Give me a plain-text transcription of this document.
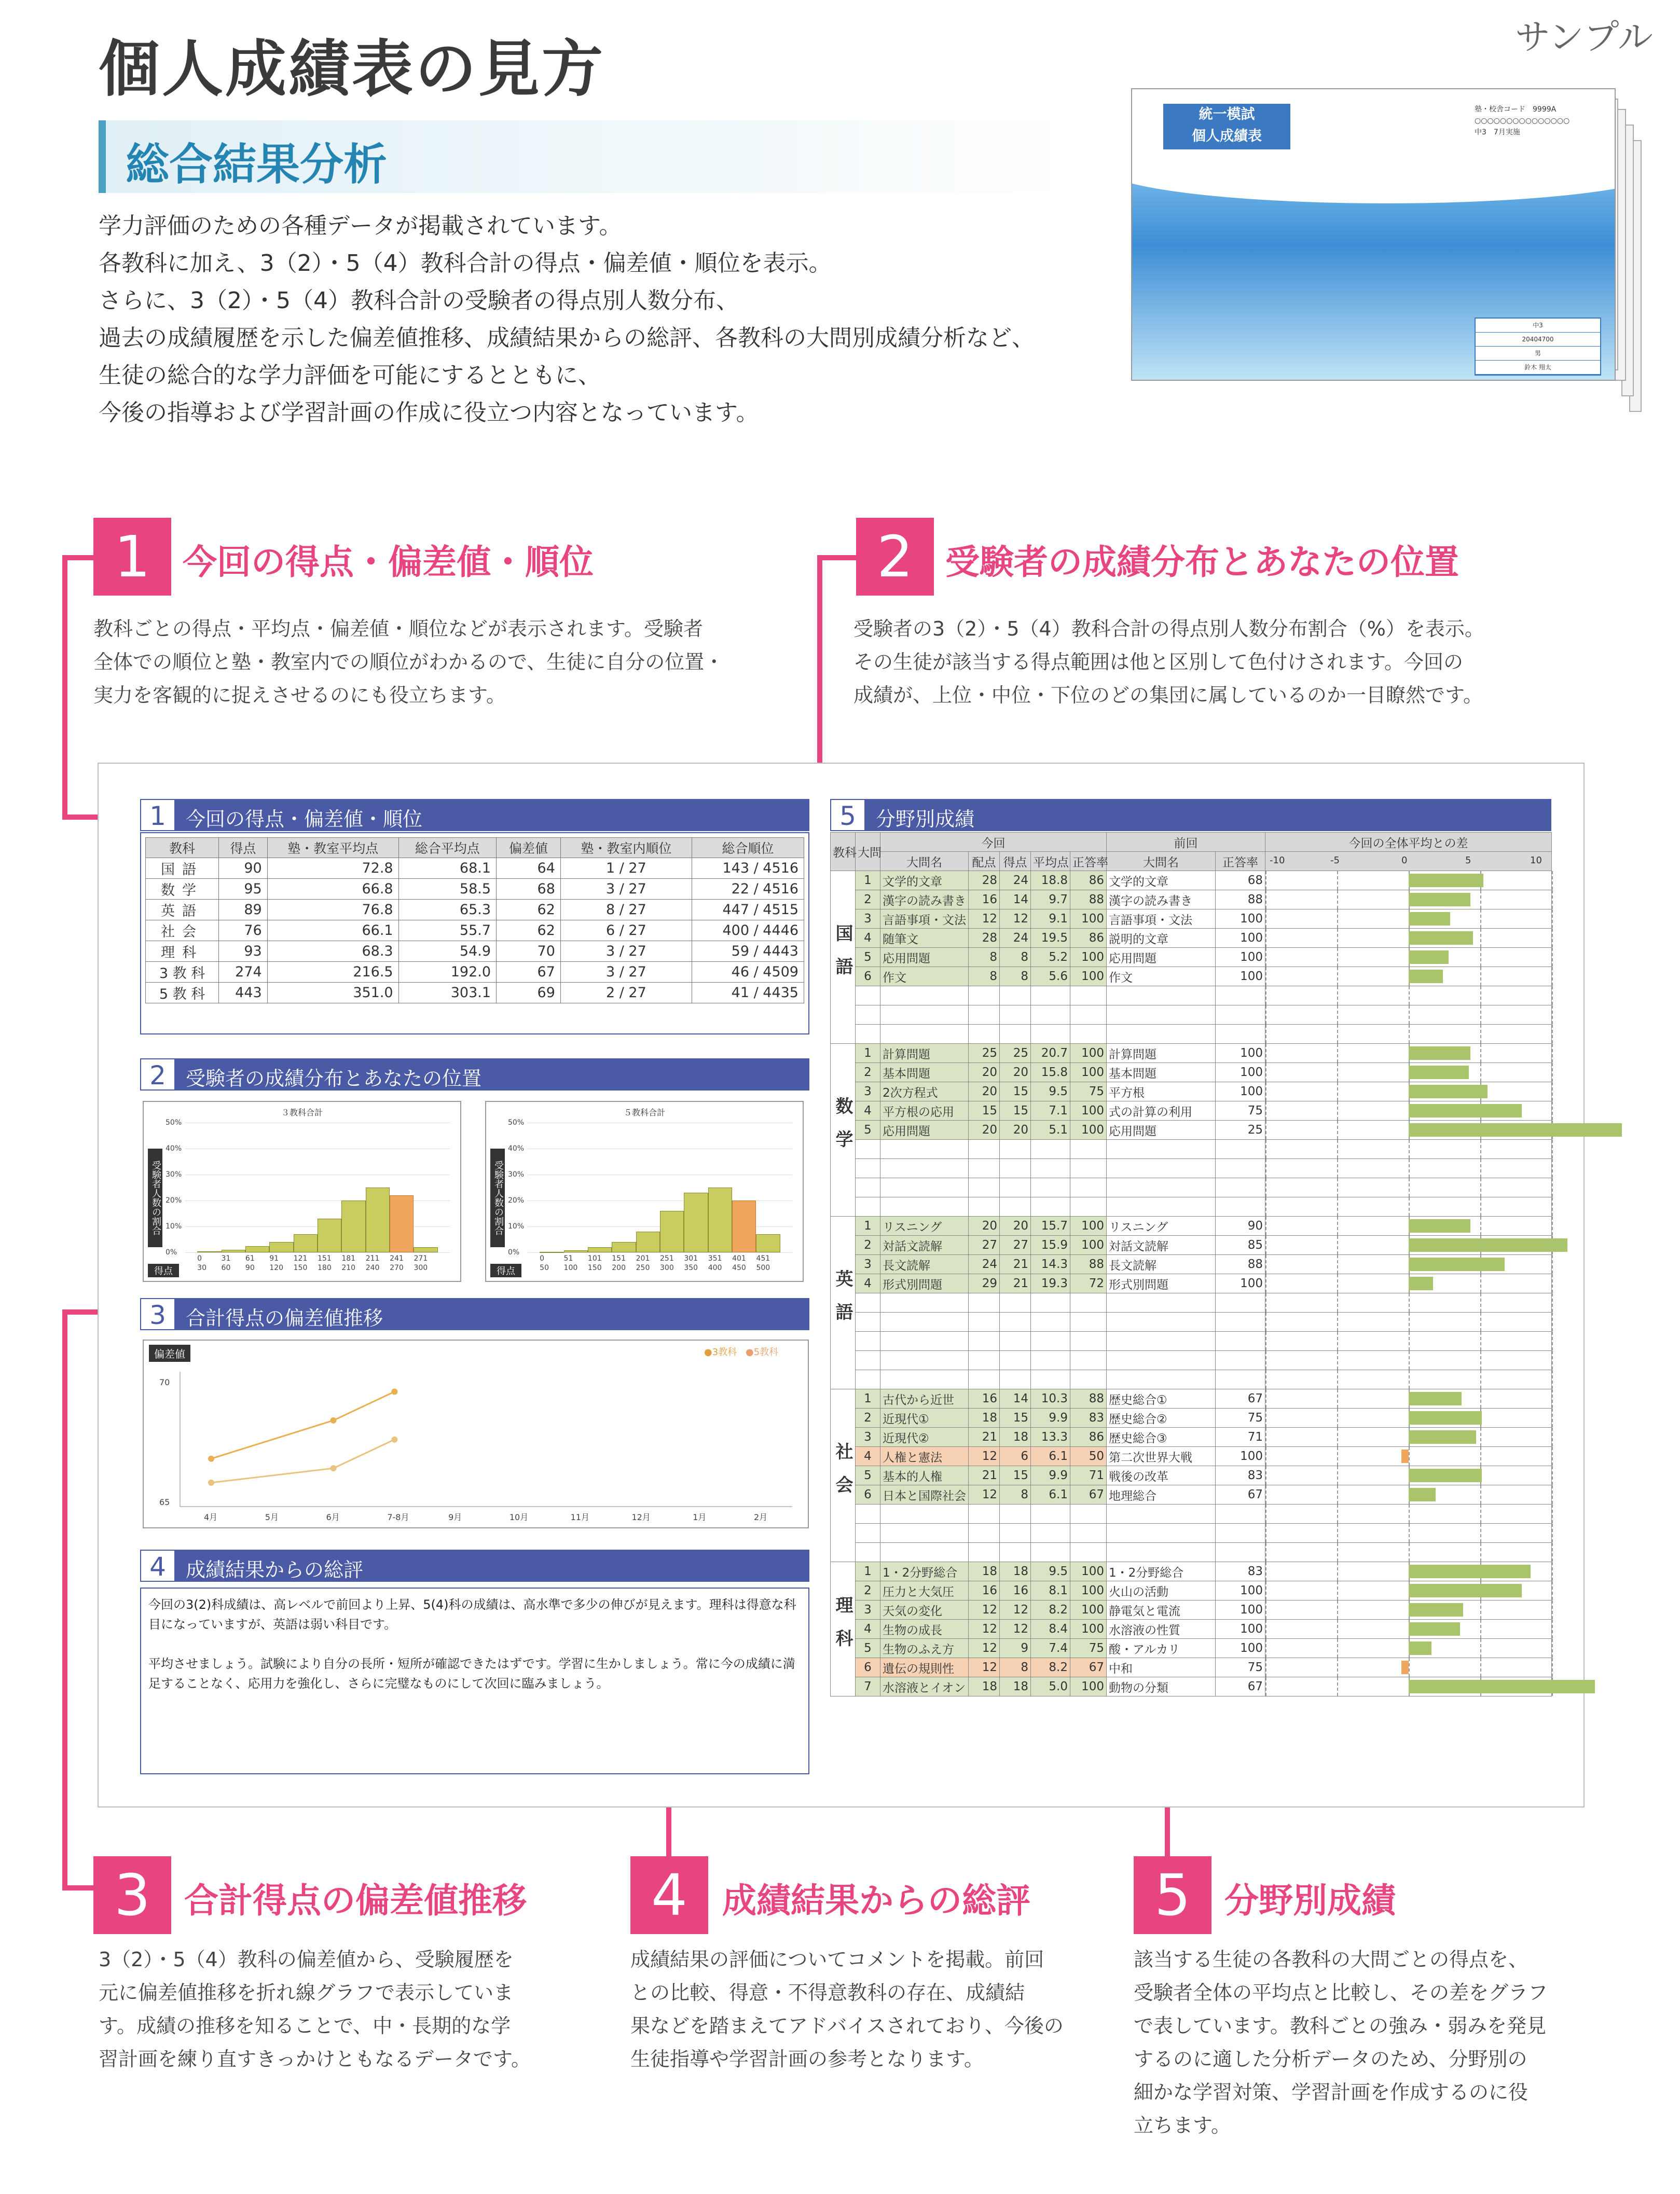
個人成績表の見方	サンプル
総合結果分析
学力評価のための各種データが掲載されています。
各教科に加え、3（2）・5（4）教科合計の得点・偏差値・順位を表示。
さらに、3（2）・5（4）教科合計の受験者の得点別人数分布、
過去の成績履歴を示した偏差値推移、成績結果からの総評、各教科の大問別成績分析など、
生徒の総合的な学力評価を可能にするとともに、
今後の指導および学習計画の作成に役立つ内容となっています。
統一模試
個人成績表
塾・校舎コード　9999A
○○○○○○○○○○○○○○○
中3　7月実施
中3
20404700
男
鈴木 翔太
1 今回の得点・偏差値・順位
教科ごとの得点・平均点・偏差値・順位などが表示されます。受験者
全体での順位と塾・教室内での順位がわかるので、生徒に自分の位置・
実力を客観的に捉えさせるのにも役立ちます。
2 受験者の成績分布とあなたの位置
受験者の3（2）・5（4）教科合計の得点別人数分布割合（%）を表示。
その生徒が該当する得点範囲は他と区別して色付けされます。今回の
成績が、上位・中位・下位のどの集団に属しているのか一目瞭然です。
3 合計得点の偏差値推移
3（2）・5（4）教科の偏差値から、受験履歴を
元に偏差値推移を折れ線グラフで表示していま
す。成績の推移を知ることで、中・長期的な学
習計画を練り直すきっかけともなるデータです。
4	成績結果からの総評
成績結果の評価についてコメントを掲載。前回
との比較、得意・不得意教科の存在、成績結
果などを踏まえてアドバイスされており、今後の
生徒指導や学習計画の参考となります。
5 分野別成績
該当する生徒の各教科の大問ごとの得点を、
受験者全体の平均点と比較し、その差をグラフ
で表しています。教科ごとの強み・弱みを発見
するのに適した分析データのため、分野別の
細かな学習対策、学習計画を作成するのに役
立ちます。
1	今回の得点・偏差値・順位
教科	得点	塾・教室平均点	総合平均点	偏差値	塾・教室内順位	総合順位
国語	90	72.8	68.1	64	1 / 27	143 / 4516
数学	95	66.8	58.5	68	3 / 27	22 / 4516
英語	89	76.8	65.3	62	8 / 27	447 / 4515
社会	76	66.1	55.7	62	6 / 27	400 / 4446
理科	93	68.3	54.9	70	3 / 27	59 / 4443
3 教 科	274	216.5	192.0	67	3 / 27	46 / 4509
5 教 科	443	351.0	303.1	69	2 / 27	41 / 4435
2	受験者の成績分布とあなたの位置
３教科合計
50%
40%
30%
20%
10%
0%
受験者人数の割合
得点
0
30
31
60
61
90
91
120
121
150
151
180
181
210
211
240
241
270
271
300
５教科合計
50%
40%
30%
20%
10%
0%
受験者人数の割合
得点
0
50
51
100
101
150
151
200
201
250
251
300
301
350
351
400
401
450
451
500
3	合計得点の偏差値推移
70
65
4月	5月	6月	7-8月	9月	10月	11月	12月	1月	2月
偏差値	●3教科 ●5教科
4	成績結果からの総評
今回の3(2)科成績は、高レベルで前回より上昇、5(4)科の成績は、高水準で多少の伸びが見えます。理科は得意な科目になっていますが、英語は弱い科目です。
平均させましょう。試験により自分の長所・短所が確認できたはずです。学習に生かしましょう。常に今の成績に満足することなく、応用力を強化し、さらに完璧なものにして次回に臨みましょう。
5	分野別成績
教科	大問	今回					前回		今回の全体平均との差
		大問名	配点	得点	平均点	正答率	大問名	正答率	-10 -5 0 5 10

国語	1	文学的文章	28	24	18.8	86	文学的文章	68	

	2	漢字の読み書き	16	14	9.7	88	漢字の読み書き	88	

	3	言語事項・文法	12	12	9.1	100	言語事項・文法	100	

	4	随筆文	28	24	19.5	86	説明的文章	100	

	5	応用問題	8	8	5.2	100	応用問題	100	

	6	作文	8	8	5.6	100	作文	100	

数学	1	計算問題	25	25	20.7	100	計算問題	100	

	2	基本問題	20	20	15.8	100	基本問題	100	

	3	2次方程式	20	15	9.5	75	平方根	100	

	4	平方根の応用	15	15	7.1	100	式の計算の利用	75	

	5	応用問題	20	20	5.1	100	応用問題	25	

英語	1	リスニング	20	20	15.7	100	リスニング	90	

	2	対話文読解	27	27	15.9	100	対話文読解	85	

	3	長文読解	24	21	14.3	88	長文読解	88	

	4	形式別問題	29	21	19.3	72	形式別問題	100	

社会	1	古代から近世	16	14	10.3	88	歴史総合①	67	

	2	近現代①	18	15	9.9	83	歴史総合②	75	

	3	近現代②	21	18	13.3	86	歴史総合③	71	

	4	人権と憲法	12	6	6.1	50	第二次世界大戦	100	

	5	基本的人権	21	15	9.9	71	戦後の改革	83	

	6	日本と国際社会	12	8	6.1	67	地理総合	67	

理科	1	1・2分野総合	18	18	9.5	100	1・2分野総合	83	

	2	圧力と大気圧	16	16	8.1	100	火山の活動	100	

	3	天気の変化	12	12	8.2	100	静電気と電流	100	

	4	生物の成長	12	12	8.4	100	水溶液の性質	100	

	5	生物のふえ方	12	9	7.4	75	酸・アルカリ	100	

	6	遺伝の規則性	12	8	8.2	67	中和	75	

	7	水溶液とイオン	18	18	5.0	100	動物の分類	67	
